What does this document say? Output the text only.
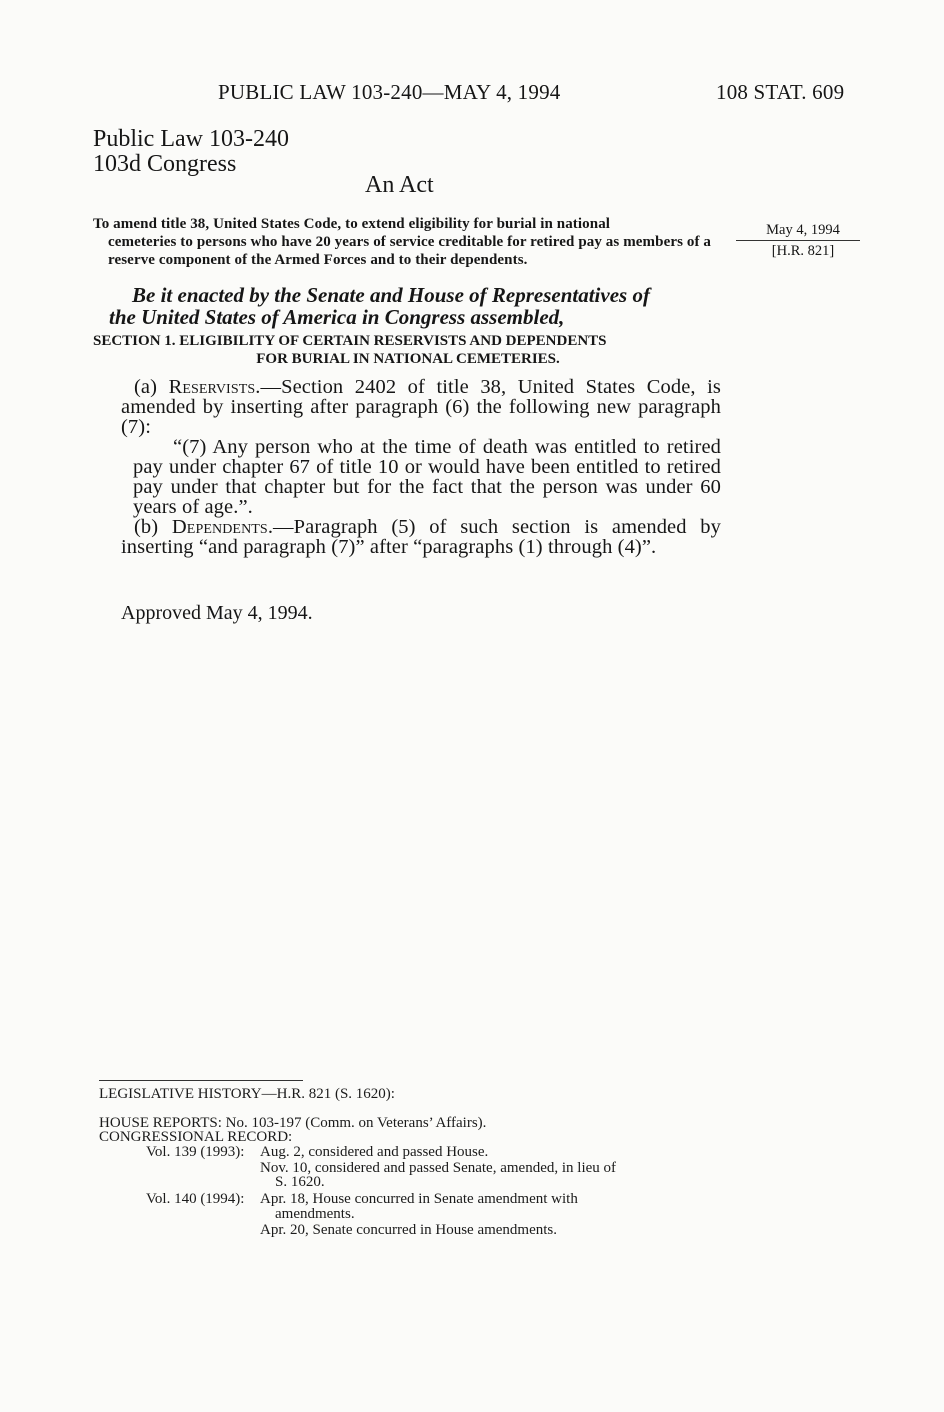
PUBLIC LAW 103-240—MAY 4, 1994	108 STAT. 609
Public Law 103-240
103d Congress
An Act
To amend title 38, United States Code, to extend eligibility for burial in national
cemeteries to persons who have 20 years of service creditable for retired pay as members of a reserve component of the Armed Forces and to their dependents.
May 4, 1994
[H.R. 821]
Be it enacted by the Senate and House of Representatives of
the United States of America in Congress assembled,
SECTION 1. ELIGIBILITY OF CERTAIN RESERVISTS AND DEPENDENTS
FOR BURIAL IN NATIONAL CEMETERIES.

(a) Reservists.—Section 2402 of title 38, United States Code, is amended by inserting after paragraph (6) the following new paragraph (7):

“(7) Any person who at the time of death was entitled to retired pay under chapter 67 of title 10 or would have been entitled to retired pay under that chapter but for the fact that the person was under 60 years of age.”.

(b) Dependents.—Paragraph (5) of such section is amended by inserting “and paragraph (7)” after “paragraphs (1) through (4)”.

Approved May 4, 1994.
LEGISLATIVE HISTORY—H.R. 821 (S. 1620):
HOUSE REPORTS: No. 103-197 (Comm. on Veterans’ Affairs).
CONGRESSIONAL RECORD:
Vol. 139 (1993): Aug. 2, considered and passed House.
Nov. 10, considered and passed Senate, amended, in lieu of
S. 1620.
Vol. 140 (1994): Apr. 18, House concurred in Senate amendment with
amendments.
Apr. 20, Senate concurred in House amendments.
